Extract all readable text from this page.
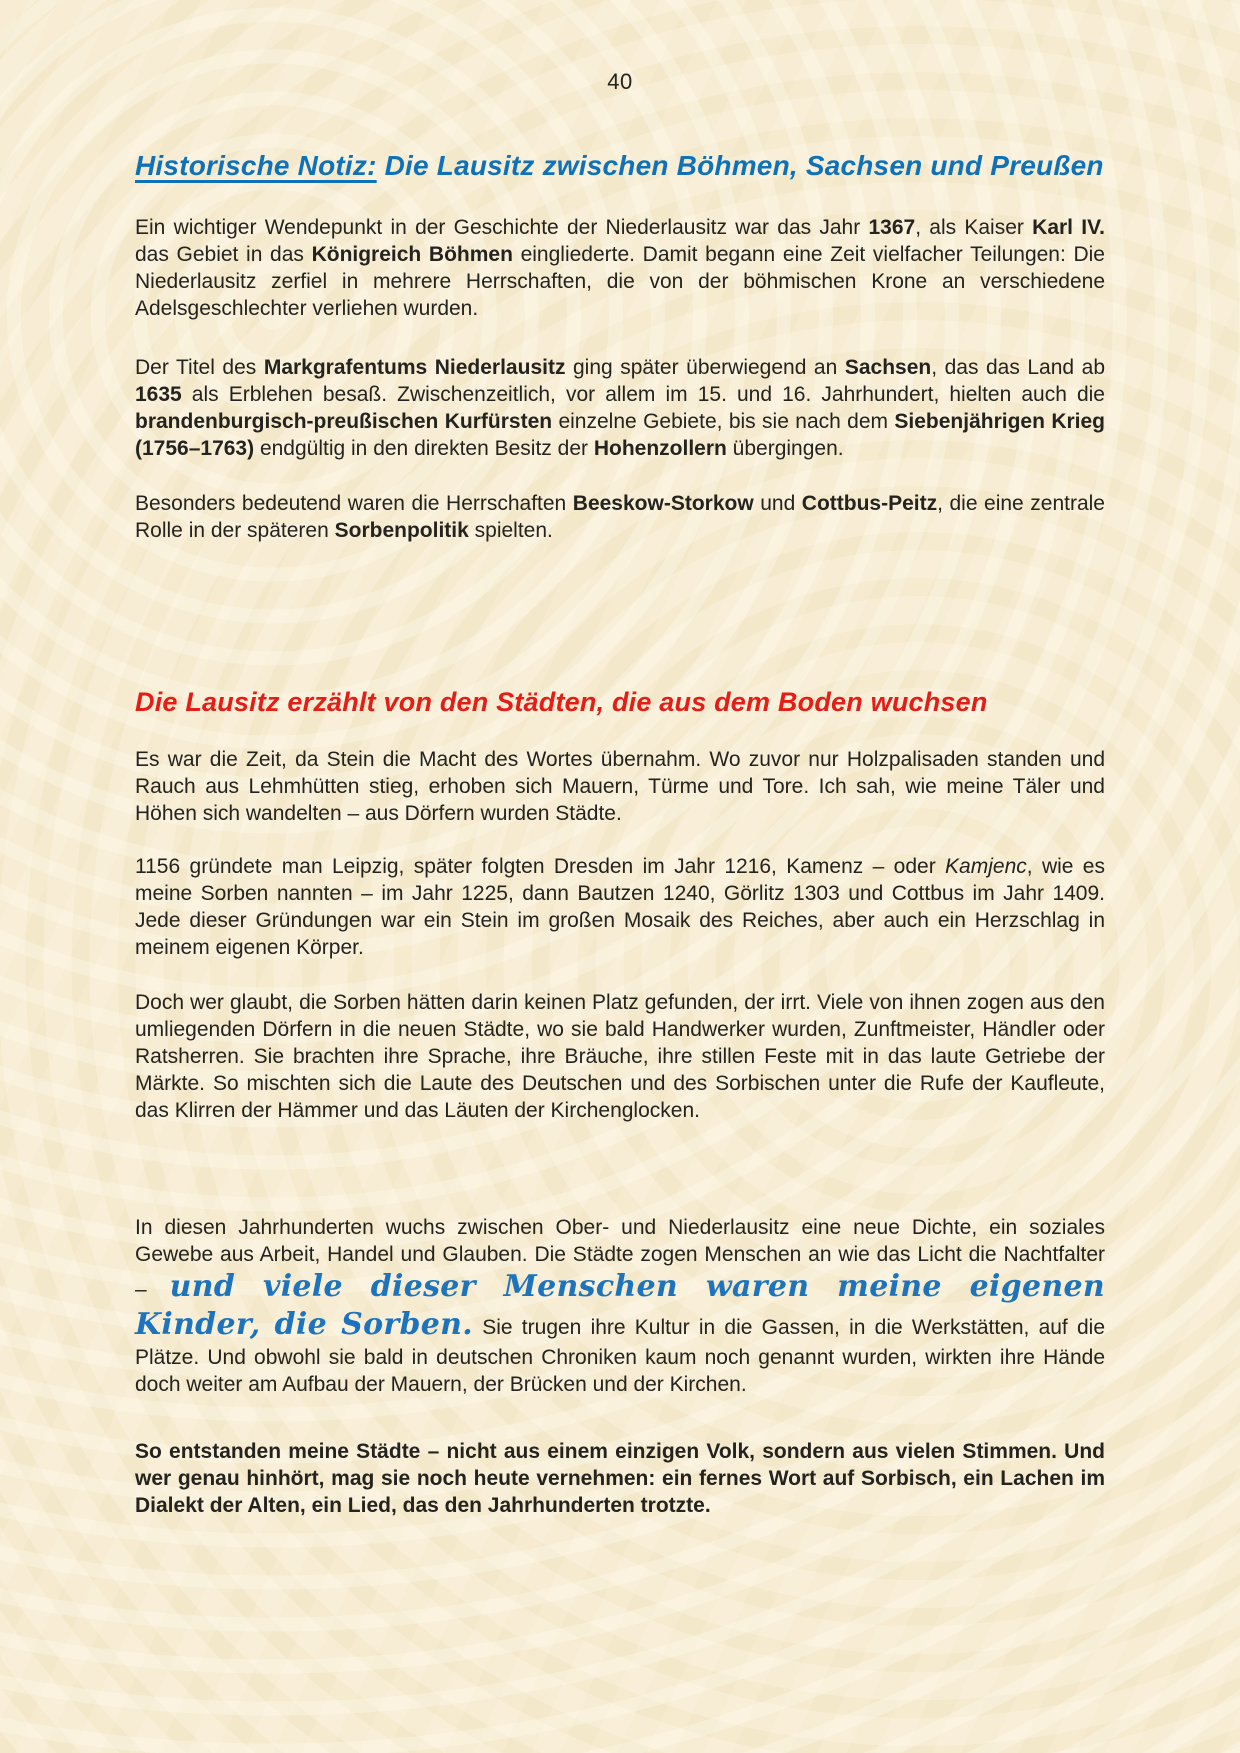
40
Historische Notiz: Die Lausitz zwischen Böhmen, Sachsen und Preußen

Ein wichtiger Wendepunkt in der Geschichte der Niederlausitz war das Jahr 1367, als Kaiser Karl IV. das Gebiet in das Königreich Böhmen eingliederte. Damit begann eine Zeit vielfacher Teilungen: Die Niederlausitz zerfiel in mehrere Herrschaften, die von der böhmischen Krone an verschiedene Adelsgeschlechter verliehen wurden.

Der Titel des Markgrafentums Niederlausitz ging später überwiegend an Sachsen, das das Land ab 1635 als Erblehen besaß. Zwischenzeitlich, vor allem im 15. und 16. Jahrhundert, hielten auch die brandenburgisch-preußischen Kurfürsten einzelne Gebiete, bis sie nach dem Siebenjährigen Krieg (1756–1763) endgültig in den direkten Besitz der Hohenzollern übergingen.

Besonders bedeutend waren die Herrschaften Beeskow-Storkow und Cottbus-Peitz, die eine zentrale Rolle in der späteren Sorbenpolitik spielten.

Die Lausitz erzählt von den Städten, die aus dem Boden wuchsen

Es war die Zeit, da Stein die Macht des Wortes übernahm. Wo zuvor nur Holzpalisaden standen und Rauch aus Lehmhütten stieg, erhoben sich Mauern, Türme und Tore. Ich sah, wie meine Täler und Höhen sich wandelten – aus Dörfern wurden Städte.

1156 gründete man Leipzig, später folgten Dresden im Jahr 1216, Kamenz – oder Kamjenc, wie es meine Sorben nannten – im Jahr 1225, dann Bautzen 1240, Görlitz 1303 und Cottbus im Jahr 1409. Jede dieser Gründungen war ein Stein im großen Mosaik des Reiches, aber auch ein Herzschlag in meinem eigenen Körper.

Doch wer glaubt, die Sorben hätten darin keinen Platz gefunden, der irrt. Viele von ihnen zogen aus den umliegenden Dörfern in die neuen Städte, wo sie bald Handwerker wurden, Zunftmeister, Händler oder Ratsherren. Sie brachten ihre Sprache, ihre Bräuche, ihre stillen Feste mit in das laute Getriebe der Märkte. So mischten sich die Laute des Deutschen und des Sorbischen unter die Rufe der Kaufleute, das Klirren der Hämmer und das Läuten der Kirchenglocken.

In diesen Jahrhunderten wuchs zwischen Ober- und Niederlausitz eine neue Dichte, ein soziales Gewebe aus Arbeit, Handel und Glauben. Die Städte zogen Menschen an wie das Licht die Nachtfalter – und viele dieser Menschen waren meine eigenen Kinder, die Sorben. Sie trugen ihre Kultur in die Gassen, in die Werkstätten, auf die Plätze. Und obwohl sie bald in deutschen Chroniken kaum noch genannt wurden, wirkten ihre Hände doch weiter am Aufbau der Mauern, der Brücken und der Kirchen.

So entstanden meine Städte – nicht aus einem einzigen Volk, sondern aus vielen Stimmen. Und wer genau hinhört, mag sie noch heute vernehmen: ein fernes Wort auf Sorbisch, ein Lachen im Dialekt der Alten, ein Lied, das den Jahrhunderten trotzte.
